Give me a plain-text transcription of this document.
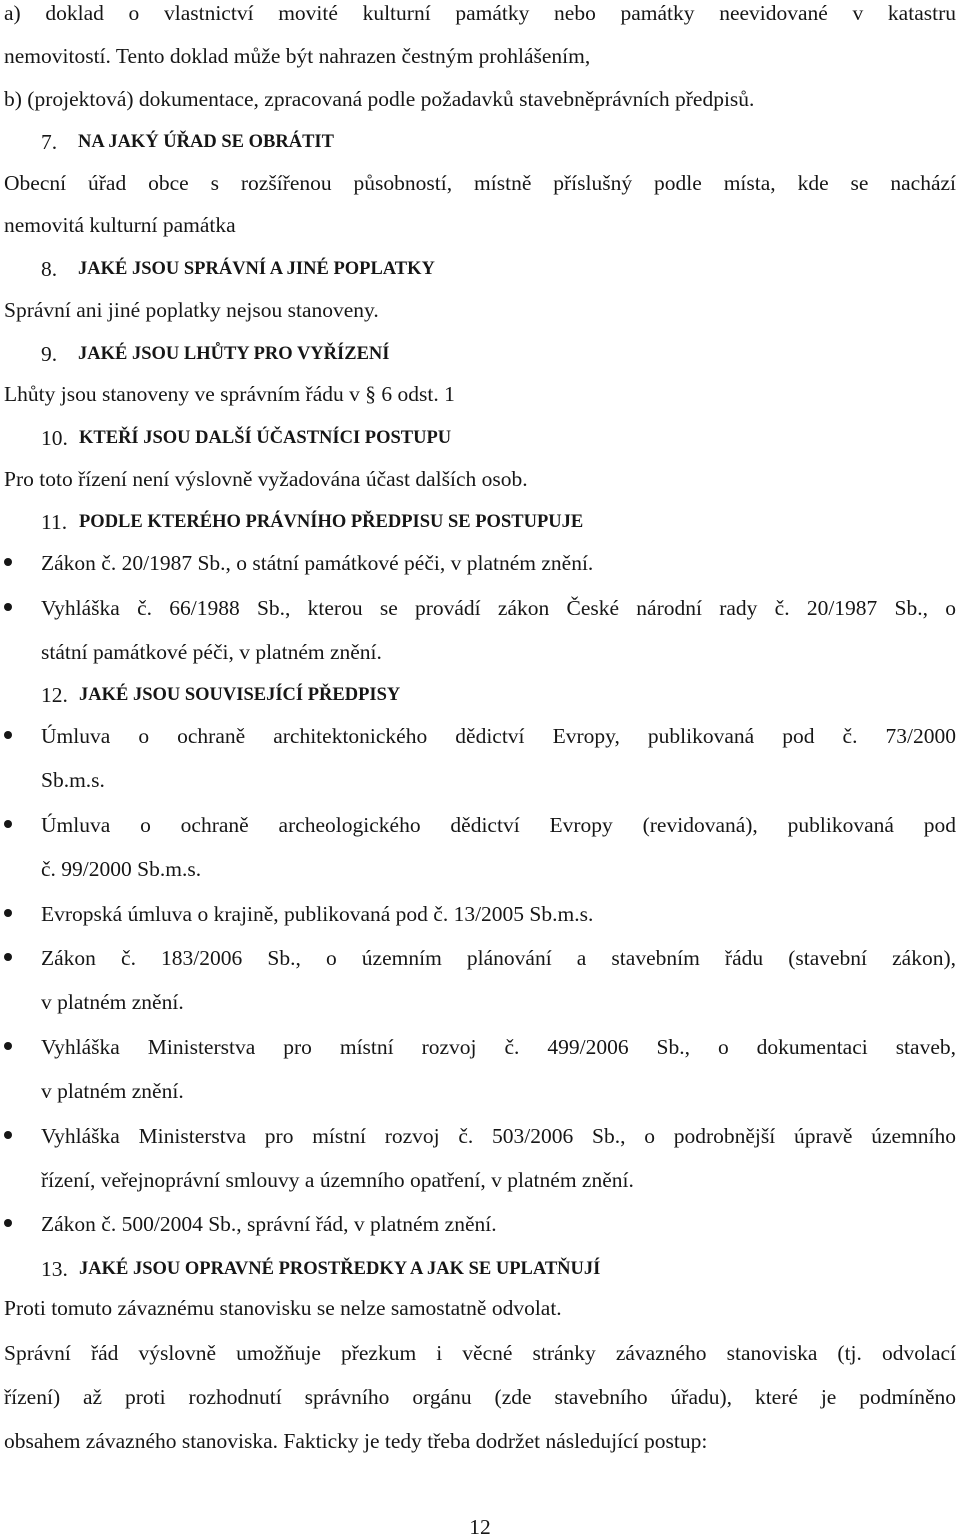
a) doklad o vlastnictví movité kulturní památky nebo památky neevidované v katastru
nemovitostí. Tento doklad může být nahrazen čestným prohlášením,
b) (projektová) dokumentace, zpracovaná podle požadavků stavebněprávních předpisů.
7. NA JAKÝ ÚŘAD SE OBRÁTIT
Obecní úřad obce s rozšířenou působností, místně příslušný podle místa, kde se nachází
nemovitá kulturní památka
8. JAKÉ JSOU SPRÁVNÍ A JINÉ POPLATKY
Správní ani jiné poplatky nejsou stanoveny.
9. JAKÉ JSOU LHŮTY PRO VYŘÍZENÍ
Lhůty jsou stanoveny ve správním řádu v § 6 odst. 1
10. KTEŘÍ JSOU DALŠÍ ÚČASTNÍCI POSTUPU
Pro toto řízení není výslovně vyžadována účast dalších osob.
11. PODLE KTERÉHO PRÁVNÍHO PŘEDPISU SE POSTUPUJE
Zákon č. 20/1987 Sb., o státní památkové péči, v platném znění.
Vyhláška č. 66/1988 Sb., kterou se provádí zákon České národní rady č. 20/1987 Sb., o
státní památkové péči, v platném znění.
12. JAKÉ JSOU SOUVISEJÍCÍ PŘEDPISY
Úmluva o ochraně architektonického dědictví Evropy, publikovaná pod č. 73/2000
Sb.m.s.
Úmluva o ochraně archeologického dědictví Evropy (revidovaná), publikovaná pod
č. 99/2000 Sb.m.s.
Evropská úmluva o krajině, publikovaná pod č. 13/2005 Sb.m.s.
Zákon č. 183/2006 Sb., o územním plánování a stavebním řádu (stavební zákon),
v platném znění.
Vyhláška Ministerstva pro místní rozvoj č. 499/2006 Sb., o dokumentaci staveb,
v platném znění.
Vyhláška Ministerstva pro místní rozvoj č. 503/2006 Sb., o podrobnější úpravě územního
řízení, veřejnoprávní smlouvy a územního opatření, v platném znění.
Zákon č. 500/2004 Sb., správní řád, v platném znění.
13. JAKÉ JSOU OPRAVNÉ PROSTŘEDKY A JAK SE UPLATŇUJÍ
Proti tomuto závaznému stanovisku se nelze samostatně odvolat.
Správní řád výslovně umožňuje přezkum i věcné stránky závazného stanoviska (tj. odvolací
řízení) až proti rozhodnutí správního orgánu (zde stavebního úřadu), které je podmíněno
obsahem závazného stanoviska. Fakticky je tedy třeba dodržet následující postup:
12
